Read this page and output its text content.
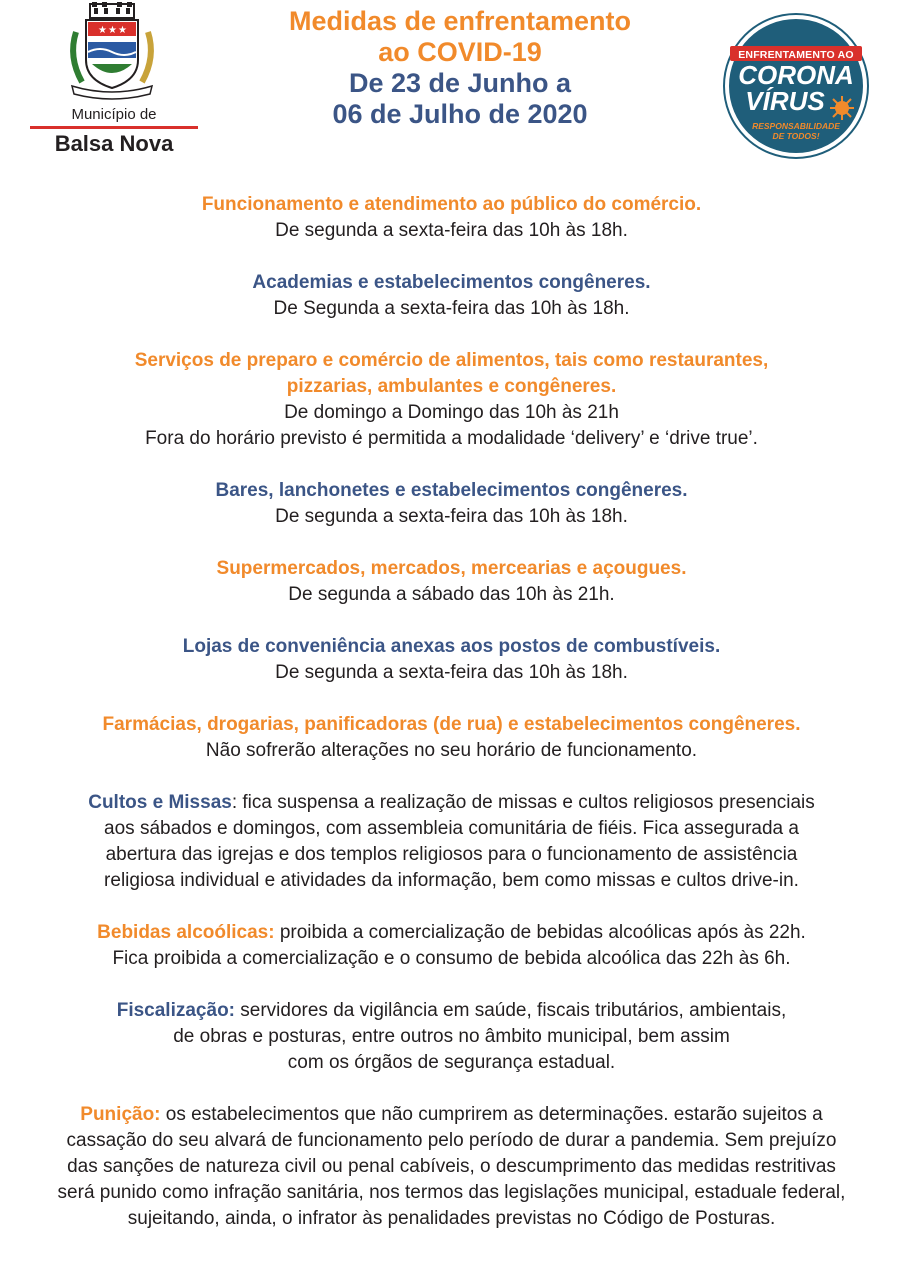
★ ★ ★
Município de
Balsa Nova
Medidas de enfrentamento
ao COVID-19
De 23 de Junho a
06 de Julho de 2020
ENFRENTAMENTO AO
CORONA
VÍRUS
RESPONSABILIDADE
DE TODOS!
Funcionamento e atendimento ao público do comércio.
De segunda a sexta-feira das 10h às 18h.
Academias e estabelecimentos congêneres.
De Segunda a sexta-feira das 10h às 18h.
Serviços de preparo e comércio de alimentos, tais como restaurantes,
pizzarias, ambulantes e congêneres.
De domingo a Domingo das 10h às 21h
Fora do horário previsto é permitida a modalidade ‘delivery’ e ‘drive true’.
Bares, lanchonetes e estabelecimentos congêneres.
De segunda a sexta-feira das 10h às 18h.
Supermercados, mercados, mercearias e açougues.
De segunda a sábado das 10h às 21h.
Lojas de conveniência anexas aos postos de combustíveis.
De segunda a sexta-feira das 10h às 18h.
Farmácias, drogarias, panificadoras (de rua) e estabelecimentos congêneres.
Não sofrerão alterações no seu horário de funcionamento.
Cultos e Missas: fica suspensa a realização de missas e cultos religiosos presenciais
aos sábados e domingos, com assembleia comunitária de fiéis. Fica assegurada a
abertura das igrejas e dos templos religiosos para o funcionamento de assistência
religiosa individual e atividades da informação, bem como missas e cultos drive-in.
Bebidas alcoólicas: proibida a comercialização de bebidas alcoólicas após às 22h.
Fica proibida a comercialização e o consumo de bebida alcoólica das 22h às 6h.
Fiscalização: servidores da vigilância em saúde, fiscais tributários, ambientais,
de obras e posturas, entre outros no âmbito municipal, bem assim
com os órgãos de segurança estadual.
Punição: os estabelecimentos que não cumprirem as determinações. estarão sujeitos a
cassação do seu alvará de funcionamento pelo período de durar a pandemia. Sem prejuízo
das sanções de natureza civil ou penal cabíveis, o descumprimento das medidas restritivas
será punido como infração sanitária, nos termos das legislações municipal, estaduale federal,
sujeitando, ainda, o infrator às penalidades previstas no Código de Posturas.
